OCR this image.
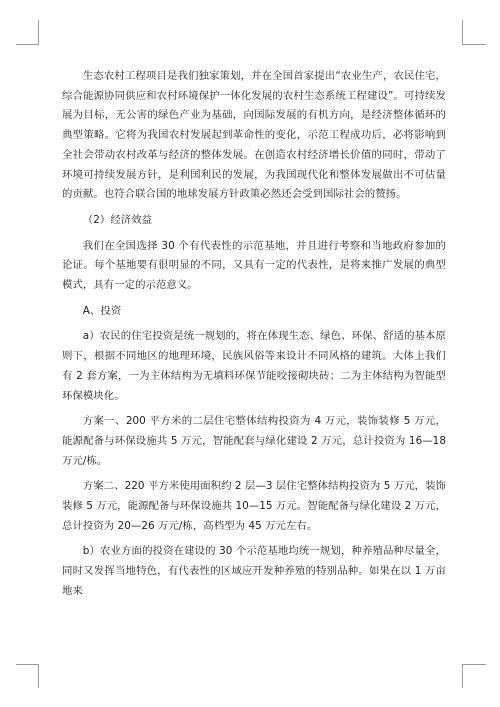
生态农村工程项目是我们独家策划，并在全国首家提出“农业生产，农民住宅，综合能源协同供应和农村环境保护一体化发展的农村生态系统工程建设”。可持续发展为目标，无公害的绿色产业为基础，向国际发展的有机方向，是经济整体循环的典型策略。它将为我国农村发展起到革命性的变化，示范工程成功后，必将影响到全社会带动农村改革与经济的整体发展。在创造农村经济增长价值的同时，带动了环境可持续发展方针，是利国利民的发展，为我国现代化和整体发展做出不可估量的贡献。也符合联合国的地球发展方针政策必然还会受到国际社会的赞扬。

（2）经济效益

我们在全国选择 30 个有代表性的示范基地，并且进行考察和当地政府参加的论证。每个基地要有很明显的不同，又具有一定的代表性，是将来推广发展的典型模式，具有一定的示范意义。

A、投资

a）农民的住宅投资是统一规划的，将在体现生态、绿色、环保、舒适的基本原则下，根据不同地区的地理环境，民族风俗等来设计不同风格的建筑。大体上我们有 2 套方案，一为主体结构为无填料环保节能咬接砌块砖；二为主体结构为智能型环保模块化。

方案一、200 平方米的二层住宅整体结构投资为 4 万元，装饰装修 5 万元，能源配备与环保设施共 5 万元，智能配套与绿化建设 2 万元，总计投资为 16—18 万元/栋。

方案二、220 平方米使用面积约 2 层—3 层住宅整体结构投资为 5 万元，装饰装修 5 万元，能源配备与环保设施共 10—15 万元。智能配备与绿化建设 2 万元，总计投资为 20—26 万元/栋，高档型为 45 万元左右。

b）农业方面的投资在建设的 30 个示范基地均统一规划，种养殖品种尽量全，同时又发挥当地特色，有代表性的区域应开发种养殖的特别品种。如果在以 1 万亩地来
